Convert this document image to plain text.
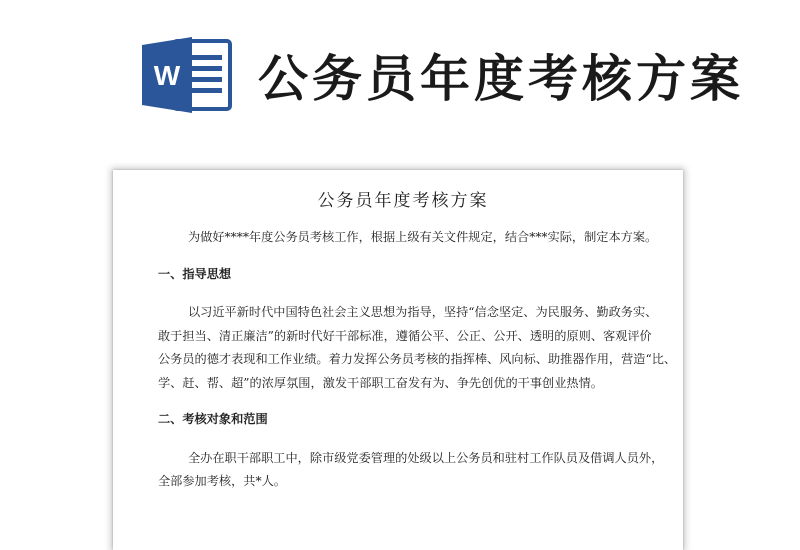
W 公务员年度考核方案
公务员年度考核方案

为做好****年度公务员考核工作，根据上级有关文件规定，结合***实际，制定本方案。

一、指导思想

以习近平新时代中国特色社会主义思想为指导，坚持“信念坚定、为民服务、勤政务实、

敢于担当、清正廉洁”的新时代好干部标准，遵循公平、公正、公开、透明的原则、客观评价

公务员的德才表现和工作业绩。着力发挥公务员考核的指挥棒、风向标、助推器作用，营造“比、

学、赶、帮、超”的浓厚氛围，激发干部职工奋发有为、争先创优的干事创业热情。

二、考核对象和范围

全办在职干部职工中，除市级党委管理的处级以上公务员和驻村工作队员及借调人员外，

全部参加考核，共*人。
